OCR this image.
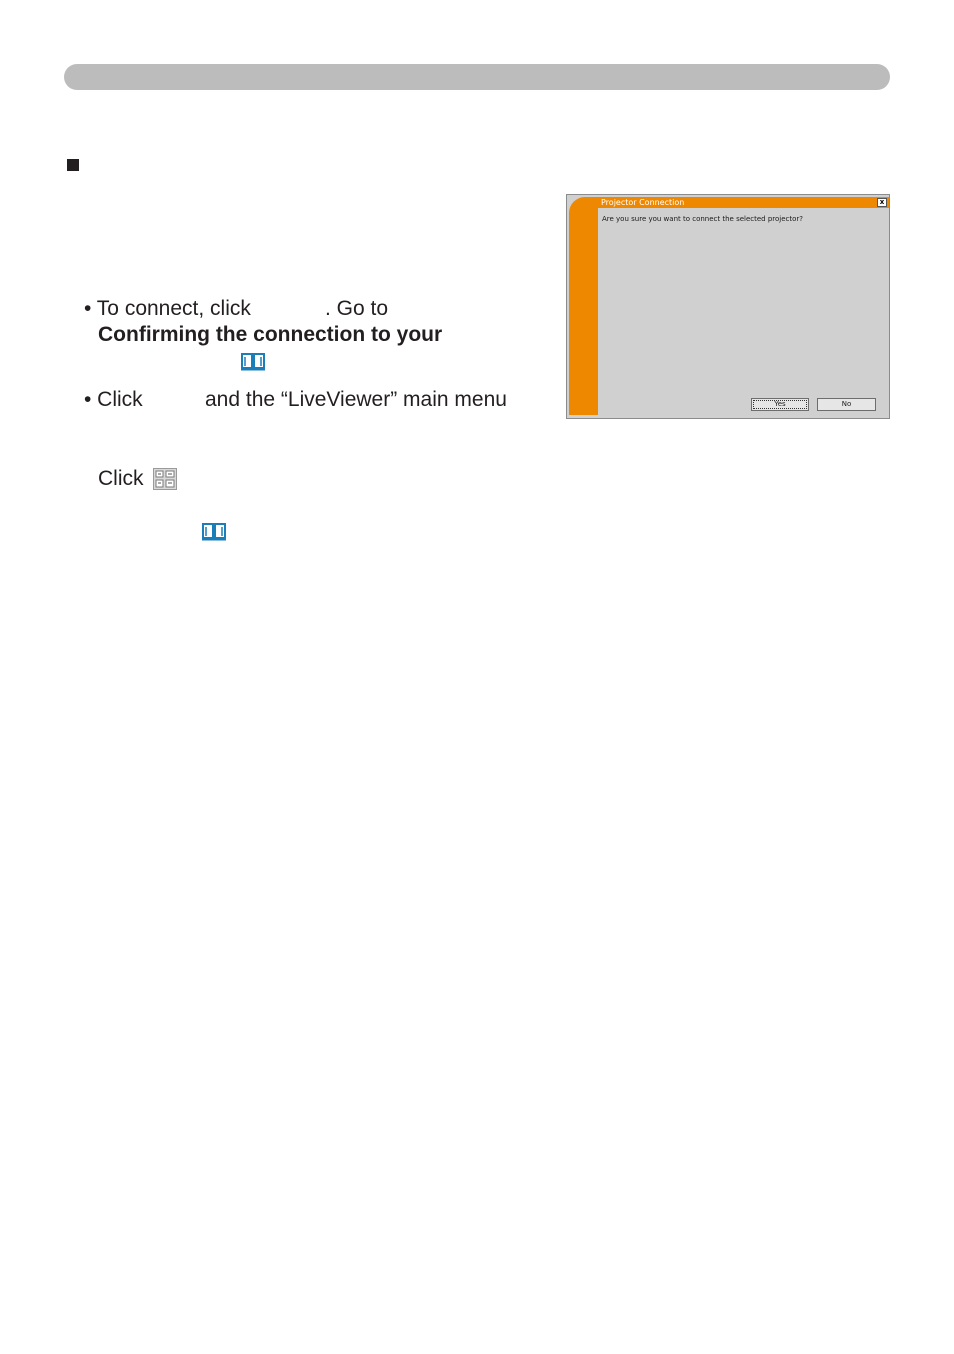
• To connect, click	. Go to
Confirming the connection to your
• Click	and the “LiveViewer” main menu
Click
Projector Connection	x
Are you sure you want to connect the selected projector?
Yes	No
